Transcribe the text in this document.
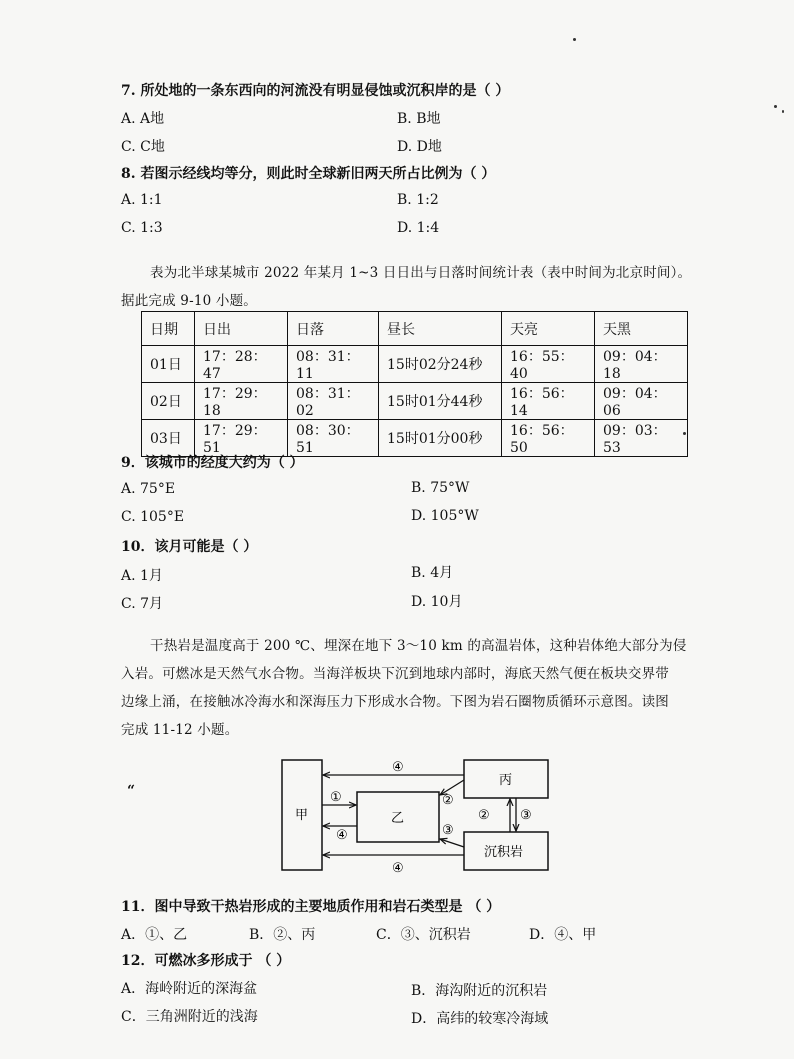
“
7. 所处地的一条东西向的河流没有明显侵蚀或沉积岸的是（ ）
A. A地	B. B地
C. C地	D. D地
8. 若图示经线均等分，则此时全球新旧两天所占比例为（ ）
A. 1:1	B. 1:2
C. 1:3	D. 1:4
表为北半球某城市 2022 年某月 1~3 日日出与日落时间统计表（表中时间为北京时间）。
据此完成 9-10 小题。
日期	日出	日落	昼长	天亮	天黑
01日	17：28：47	08：31：11	15时02分24秒	16：55：40	09：04：18
02日	17：29：18	08：31：02	15时01分44秒	16：56：14	09：04：06
03日	17：29：51	08：30：51	15时01分00秒	16：56：50	09：03：53
9．该城市的经度大约为（ ）
A. 75°E	B. 75°W
C. 105°E	D. 105°W
10．该月可能是（ ）
A. 1月	B. 4月
C. 7月	D. 10月
干热岩是温度高于 200 ℃、埋深在地下 3～10 km 的高温岩体，这种岩体绝大部分为侵
入岩。可燃冰是天然气水合物。当海洋板块下沉到地球内部时，海底天然气便在板块交界带
边缘上涌，在接触冰冷海水和深海压力下形成水合物。下图为岩石圈物质循环示意图。读图
完成 11-12 小题。
甲	乙
丙
沉积岩
④
①
④
②
③
② ③
④
11．图中导致干热岩形成的主要地质作用和岩石类型是 （ ）
A．①、乙	B．②、丙	C．③、沉积岩	D．④、甲
12．可燃冰多形成于 （ ）
A．海岭附近的深海盆	B．海沟附近的沉积岩
C．三角洲附近的浅海	D．高纬的较寒冷海域
